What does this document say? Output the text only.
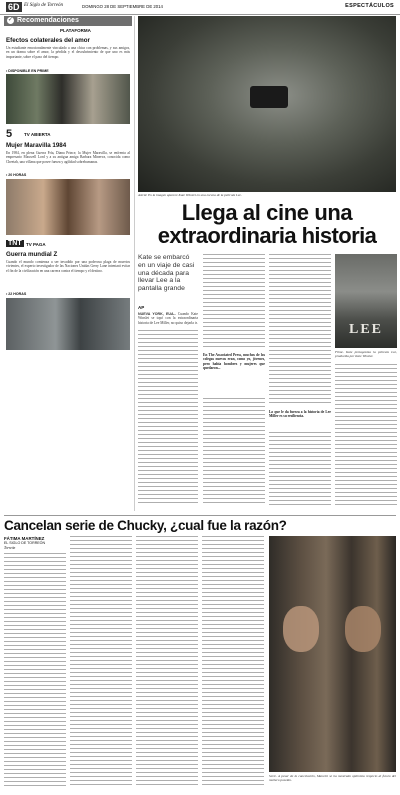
6D El Siglo de Torreón	DOMINGO 28 DE SEPTIEMBRE DE 2014	ESPECTÁCULOS
✓ Recomendaciones
PLATAFORMA
Efectos colaterales del amor
Un estudiante emocionalmente vinculado a una chica con problemas, y sus amigos, en un drama sobre el amor, la pérdida y el descubrimiento de que uno es más importante, sobre el paso del tiempo.
• DISPONIBLE EN PRIME
5	TV ABIERTA
Mujer Maravilla 1984
En 1984, en plena Guerra Fría, Diana Prince, la Mujer Maravilla, se enfrenta al empresario Maxwell Lord y a su antigua amiga Barbara Minerva, conocida como Cheetah, una villana que posee fuerza y agilidad sobrehumanas.
• 20 HORAS
TNT TV PAGA
Guerra mundial Z
Cuando el mundo comienza a ser invadido por una poderosa plaga de muertos vivientes, el experto investigador de las Naciones Unidas Gerry Lane intentará evitar el fin de la civilización en una carrera contra el tiempo y el destino.
• 22 HORAS
Astrid. En la imagen aparece Kate Winslet en una escena de la película Lee.
Llega al cine una
extraordinaria historia
Kate se embarcó en un viaje de casi una década para llevar Lee a la pantalla grande
AP
NUEVA YORK, EUA.- Cuando Kate Winslet se topó con la extraordinaria historia de Lee Miller, no quiso dejarla ir.
En The Associated Press, muchos de los colegas nuevos eran, como yo, jóvenes, pero había hombres y mujeres que quedaron...
Lo que le da fuerza a la historia de Lee Miller es su resiliencia.
LEE
Filme. Kate protagoniza la película Lee, producida por Kate Winslet.
Cancelan serie de Chucky, ¿cual fue la razón?
FÁTIMA MARTÍNEZ
EL SIGLO DE TORREÓN
Torreón
Serie. A pesar de la cancelación, Mancini se ha mostrado optimista respecto al futuro del muñeco poseído.
